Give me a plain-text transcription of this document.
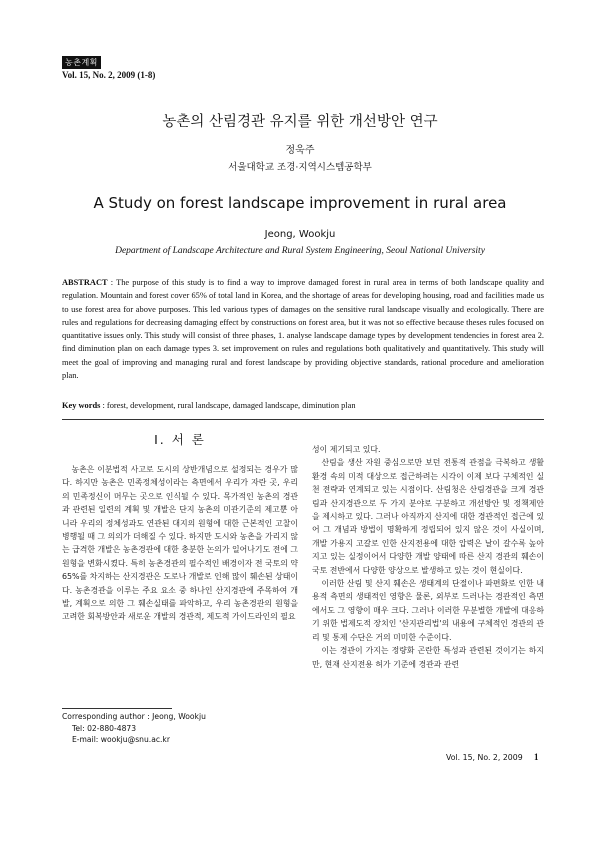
농촌계획
Vol. 15, No. 2, 2009 (1-8)
농촌의 산림경관 유지를 위한 개선방안 연구
정욱주
서울대학교 조경·지역시스템공학부
A Study on forest landscape improvement in rural area
Jeong, Wookju
Department of Landscape Architecture and Rural System Engineering, Seoul National University
ABSTRACT : The purpose of this study is to find a way to improve damaged forest in rural area in terms of both landscape quality and regulation. Mountain and forest cover 65% of total land in Korea, and the shortage of areas for developing housing, road and facilities made us to use forest area for above purposes. This led various types of damages on the sensitive rural landscape visually and ecologically. There are rules and regulations for decreasing damaging effect by constructions on forest area, but it was not so effective because theses rules focused on quantitative issues only. This study will consist of three phases, 1. analyse landscape damage types by development tendencies in forest area 2. find diminution plan on each damage types 3. set improvement on rules and regulations both qualitatively and quantitatively. This study will meet the goal of improving and managing rural and forest landscape by providing objective standards, rational procedure and amelioration plan.
Key words : forest, development, rural landscape, damaged landscape, diminution plan
Ⅰ. 서 론

농촌은 이분법적 사고로 도시의 상반개념으로 설정되는 경우가 많다. 하지만 농촌은 민족정체성이라는 측면에서 우리가 자란 곳, 우리의 민족정신이 머무는 곳으로 인식될 수 있다. 목가적인 농촌의 경관과 관련된 일련의 계획 및 개발은 단지 농촌의 미관기준의 제고뿐 아니라 우리의 정체성과도 연관된 대지의 원형에 대한 근본적인 고찰이 병행될 때 그 의의가 더해질 수 있다. 하지만 도시와 농촌을 가리지 않는 급격한 개발은 농촌경관에 대한 충분한 논의가 일어나기도 전에 그 원형을 변화시켰다. 특히 농촌경관의 필수적인 배경이자 전 국토의 약 65%를 차지하는 산지경관은 도로나 개발로 인해 많이 훼손된 상태이다. 농촌경관을 이루는 주요 요소 중 하나인 산지경관에 주목하여 개발, 계획으로 의한 그 훼손실태를 파악하고, 우리 농촌경관의 원형을 고려한 회복방안과 새로운 개발의 경관적, 제도적 가이드라인의 필요

성이 제기되고 있다.

산림을 생산 자원 중심으로만 보던 전통적 관점을 극복하고 생활환경 속의 미적 대상으로 접근하려는 시각이 이제 보다 구체적인 실천 전략과 연계되고 있는 시점이다. 산림청은 산림경관을 크게 경관림과 산지경관으로 두 가지 분야로 구분하고 개선방안 및 정책제안을 제시하고 있다. 그러나 아직까지 산지에 대한 경관적인 접근에 있어 그 개념과 방법이 명확하게 정립되어 있지 않은 것이 사실이며, 개발 가용지 고갈로 인한 산지전용에 대한 압력은 날이 갈수록 높아지고 있는 실정이어서 다양한 개발 양태에 따른 산지 경관의 훼손이 국토 전반에서 다양한 양상으로 발생하고 있는 것이 현실이다.

이러한 산림 및 산지 훼손은 생태계의 단절이나 파편화로 인한 내용적 측면의 생태적인 영향은 물론, 외부로 드러나는 경관적인 측면에서도 그 영향이 매우 크다. 그러나 이러한 무분별한 개발에 대응하기 위한 법제도적 장치인 '산지관리법'의 내용에 구체적인 경관의 관리 및 통제 수단은 거의 미미한 수준이다.

이는 경관이 가지는 정량화 곤란한 특성과 관련된 것이기는 하지만, 현재 산지전용 허가 기준에 경관과 관련

Corresponding author : Jeong, Wookju
Tel: 02-880-4873
E-mail: wookju@snu.ac.kr
Vol. 15, No. 2, 2009 1
